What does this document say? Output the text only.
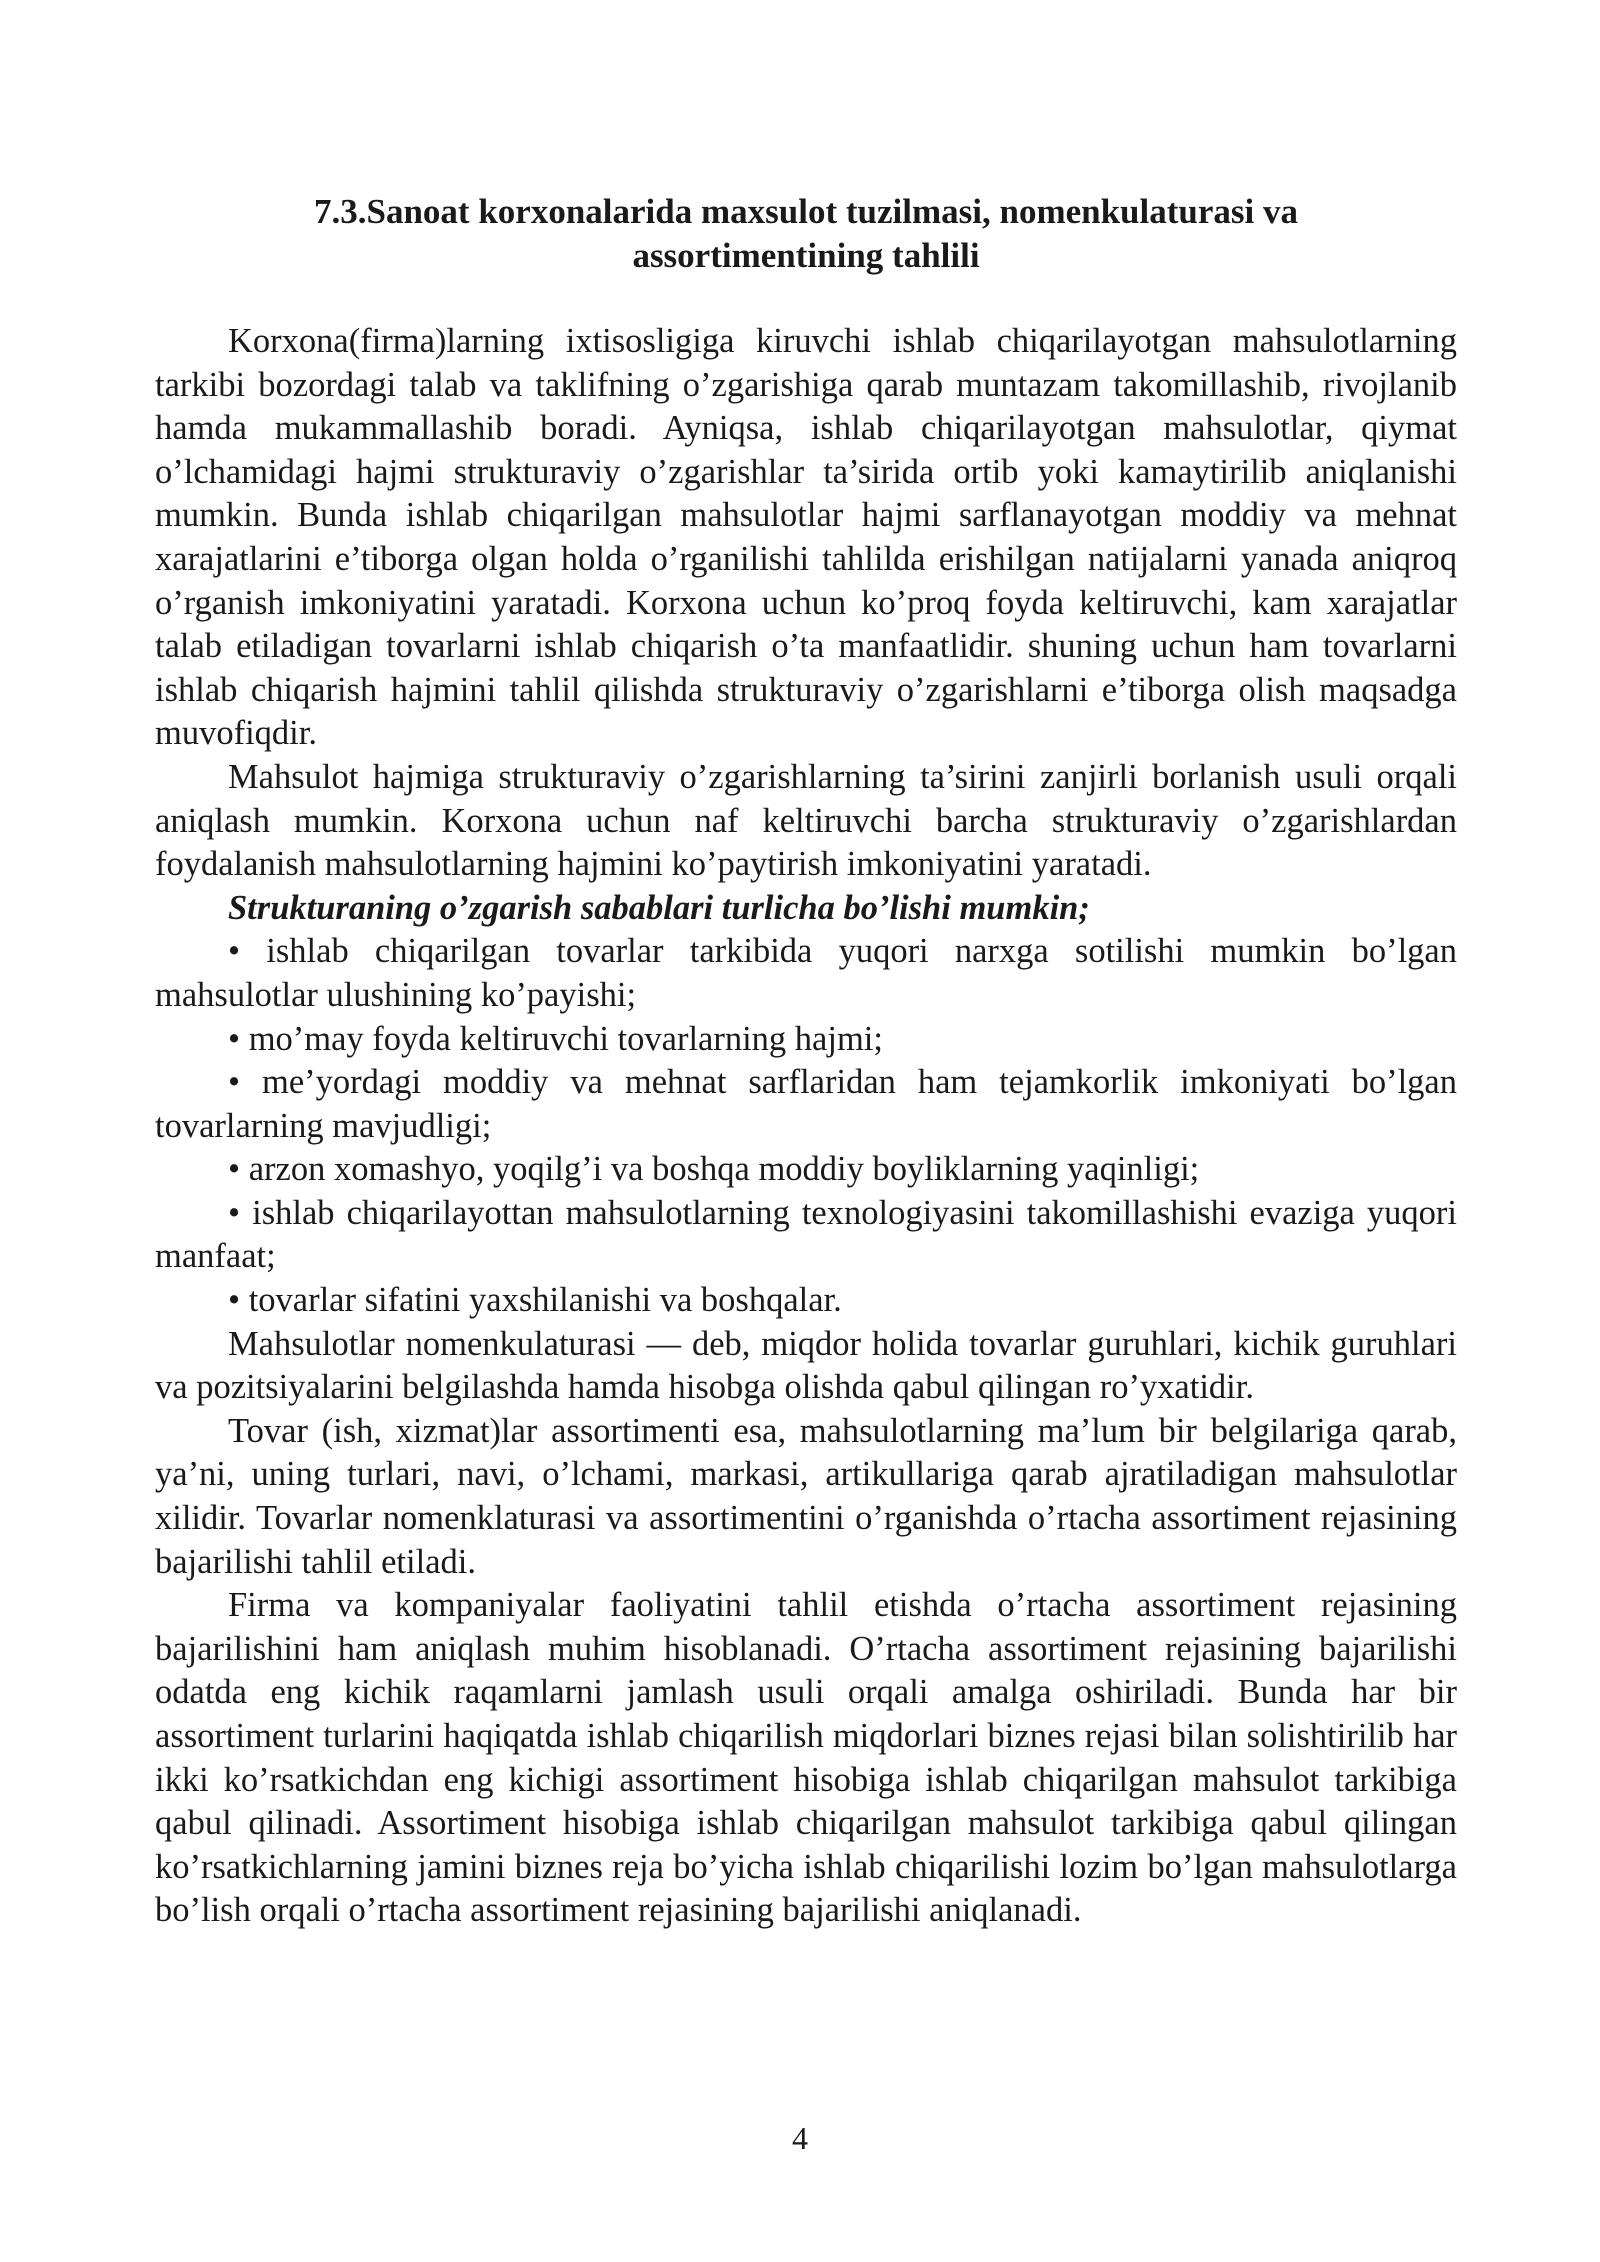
7.3.Sanoat korxonalarida maxsulot tuzilmasi, nomenkulaturasi va
assortimentining tahlili

Korxona(firma)larning ixtisosligiga kiruvchi ishlab chiqarilayotgan mahsulotlarning tarkibi bozordagi talab va taklifning o’zgarishiga qarab muntazam takomillashib, rivojlanib hamda mukammallashib boradi. Ayniqsa, ishlab chiqarilayotgan mahsulotlar, qiymat o’lchamidagi hajmi strukturaviy o’zgarishlar ta’sirida ortib yoki kamaytirilib aniqlanishi mumkin. Bunda ishlab chiqarilgan mahsulotlar hajmi sarflanayotgan moddiy va mehnat xarajatlarini e’tiborga olgan holda o’rganilishi tahlilda erishilgan natijalarni yanada aniqroq o’rganish imkoniyatini yaratadi. Korxona uchun ko’proq foyda keltiruvchi, kam xarajatlar talab etiladigan tovarlarni ishlab chiqarish o’ta manfaatlidir. shuning uchun ham tovarlarni ishlab chiqarish hajmini tahlil qilishda strukturaviy o’zgarishlarni e’tiborga olish maqsadga muvofiqdir.

Mahsulot hajmiga strukturaviy o’zgarishlarning ta’sirini zanjirli borlanish usuli orqali aniqlash mumkin. Korxona uchun naf keltiruvchi barcha strukturaviy o’zgarishlardan foydalanish mahsulotlarning hajmini ko’paytirish imkoniyatini yaratadi.

Strukturaning o’zgarish sabablari turlicha bo’lishi mumkin;

• ishlab chiqarilgan tovarlar tarkibida yuqori narxga sotilishi mumkin bo’lgan mahsulotlar ulushining ko’payishi;

• mo’may foyda keltiruvchi tovarlarning hajmi;

• me’yordagi moddiy va mehnat sarflaridan ham tejamkorlik imkoniyati bo’lgan tovarlarning mavjudligi;

• arzon xomashyo, yoqilg’i va boshqa moddiy boyliklarning yaqinligi;

• ishlab chiqarilayottan mahsulotlarning texnologiyasini takomillashishi evaziga yuqori manfaat;

• tovarlar sifatini yaxshilanishi va boshqalar.

Mahsulotlar nomenkulaturasi — deb, miqdor holida tovarlar guruhlari, kichik guruhlari va pozitsiyalarini belgilashda hamda hisobga olishda qabul qilingan ro’yxatidir.

Tovar (ish, xizmat)lar assortimenti esa, mahsulotlarning ma’lum bir belgilariga qarab, ya’ni, uning turlari, navi, o’lchami, markasi, artikullariga qarab ajratiladigan mahsulotlar xilidir. Tovarlar nomenklaturasi va assortimentini o’rganishda o’rtacha assortiment rejasining bajarilishi tahlil etiladi.

Firma va kompaniyalar faoliyatini tahlil etishda o’rtacha assortiment rejasining bajarilishini ham aniqlash muhim hisoblanadi. O’rtacha assortiment rejasining bajarilishi odatda eng kichik raqamlarni jamlash usuli orqali amalga oshiriladi. Bunda har bir assortiment turlarini haqiqatda ishlab chiqarilish miqdorlari biznes rejasi bilan solishtirilib har ikki ko’rsatkichdan eng kichigi assortiment hisobiga ishlab chiqarilgan mahsulot tarkibiga qabul qilinadi. Assortiment hisobiga ishlab chiqarilgan mahsulot tarkibiga qabul qilingan ko’rsatkichlarning jamini biznes reja bo’yicha ishlab chiqarilishi lozim bo’lgan mahsulotlarga bo’lish orqali o’rtacha assortiment rejasining bajarilishi aniqlanadi.

4
